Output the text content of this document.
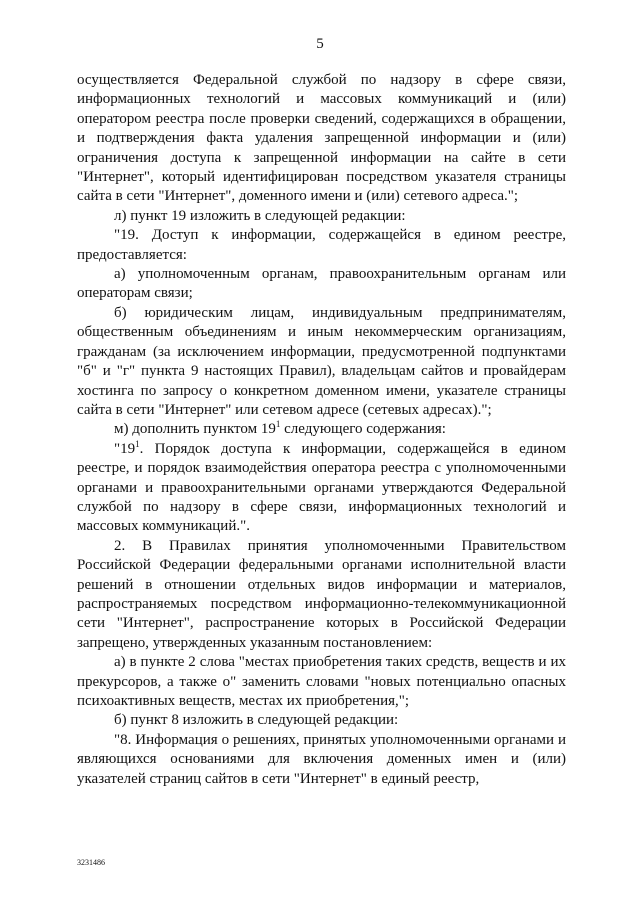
5

осуществляется Федеральной службой по надзору в сфере связи, информационных технологий и массовых коммуникаций и (или) оператором реестра после проверки сведений, содержащихся в обращении, и подтверждения факта удаления запрещенной информации и (или) ограничения доступа к запрещенной информации на сайте в сети "Интернет", который идентифицирован посредством указателя страницы сайта в сети "Интернет", доменного имени и (или) сетевого адреса.";

л) пункт 19 изложить в следующей редакции:

"19. Доступ к информации, содержащейся в едином реестре, предоставляется:

а) уполномоченным органам, правоохранительным органам или операторам связи;

б) юридическим лицам, индивидуальным предпринимателям, общественным объединениям и иным некоммерческим организациям, гражданам (за исключением информации, предусмотренной подпунктами "б" и "г" пункта 9 настоящих Правил), владельцам сайтов и провайдерам хостинга по запросу о конкретном доменном имени, указателе страницы сайта в сети "Интернет" или сетевом адресе (сетевых адресах).";

м) дополнить пунктом $19^1$ следующего содержания:

"$19^1$. Порядок доступа к информации, содержащейся в едином реестре, и порядок взаимодействия оператора реестра с уполномоченными органами и правоохранительными органами утверждаются Федеральной службой по надзору в сфере связи, информационных технологий и массовых коммуникаций.".

2. В Правилах принятия уполномоченными Правительством Российской Федерации федеральными органами исполнительной власти решений в отношении отдельных видов информации и материалов, распространяемых посредством информационно-телекоммуникационной сети "Интернет", распространение которых в Российской Федерации запрещено, утвержденных указанным постановлением:

а) в пункте 2 слова "местах приобретения таких средств, веществ и их прекурсоров, а также о" заменить словами "новых потенциально опасных психоактивных веществ, местах их приобретения,";

б) пункт 8 изложить в следующей редакции:

"8. Информация о решениях, принятых уполномоченными органами и являющихся основаниями для включения доменных имен и (или) указателей страниц сайтов в сети "Интернет" в единый реестр,

3231486
